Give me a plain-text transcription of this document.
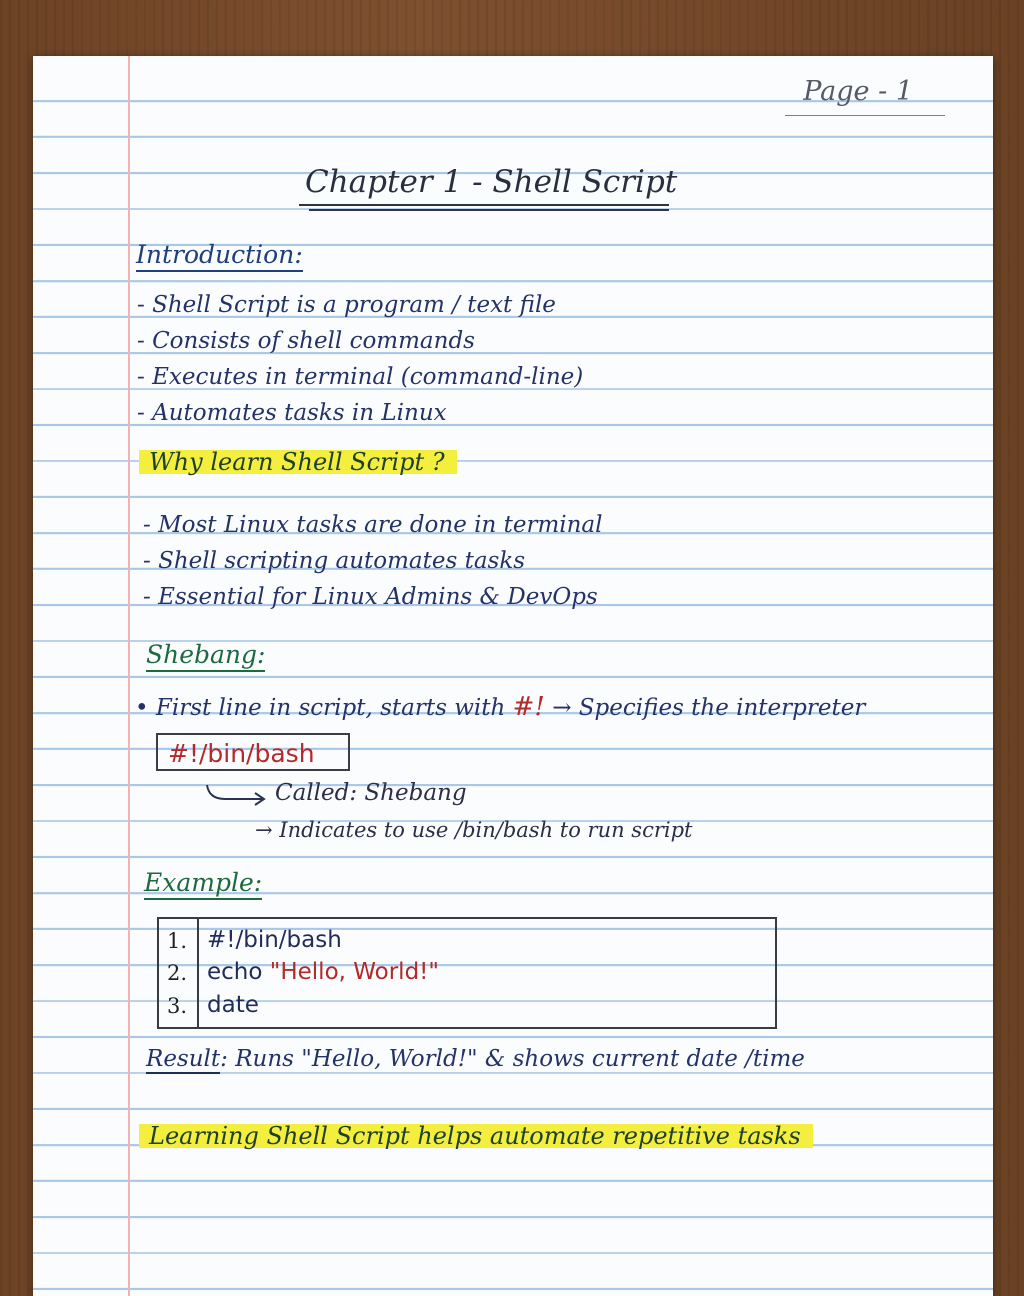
Page - 1
Chapter 1 - Shell Script
Introduction:
- Shell Script is a program / text file
- Consists of shell commands
- Executes in terminal (command-line)
- Automates tasks in Linux
Why learn Shell Script ?
- Most Linux tasks are done in terminal
- Shell scripting automates tasks
- Essential for Linux Admins & DevOps
Shebang:
• First line in script, starts with #! → Specifies the interpreter
#!/bin/bash
Called: Shebang
→ Indicates to use /bin/bash to run script
Example:
1.
2.
3.
#!/bin/bash
echo "Hello, World!"
date
Result: Runs "Hello, World!" & shows current date /time
Learning Shell Script helps automate repetitive tasks
